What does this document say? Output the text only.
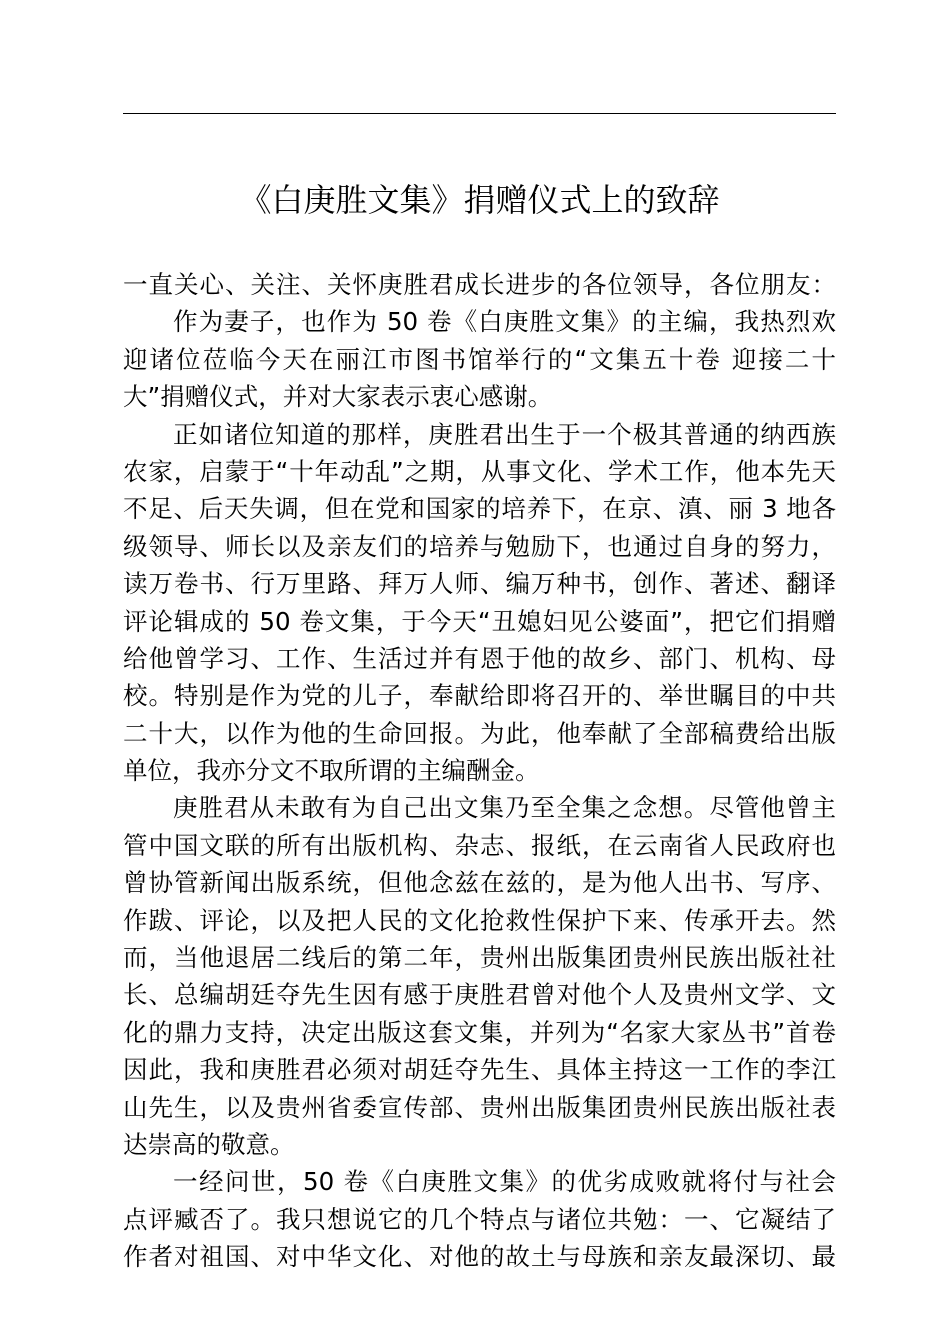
《白庚胜文集》捐赠仪式上的致辞
一直关心、关注、关怀庚胜君成长进步的各位领导，各位朋友：
作为妻子，也作为 50 卷《白庚胜文集》的主编，我热烈欢
迎诸位莅临今天在丽江市图书馆举行的“文集五十卷 迎接二十
大”捐赠仪式，并对大家表示衷心感谢。
正如诸位知道的那样，庚胜君出生于一个极其普通的纳西族
农家，启蒙于“十年动乱”之期，从事文化、学术工作，他本先天
不足、后天失调，但在党和国家的培养下，在京、滇、丽 3 地各
级领导、师长以及亲友们的培养与勉励下，也通过自身的努力，
读万卷书、行万里路、拜万人师、编万种书，创作、著述、翻译
评论辑成的 50 卷文集，于今天“丑媳妇见公婆面”，把它们捐赠
给他曾学习、工作、生活过并有恩于他的故乡、部门、机构、母
校。特别是作为党的儿子，奉献给即将召开的、举世瞩目的中共
二十大，以作为他的生命回报。为此，他奉献了全部稿费给出版
单位，我亦分文不取所谓的主编酬金。
庚胜君从未敢有为自己出文集乃至全集之念想。尽管他曾主
管中国文联的所有出版机构、杂志、报纸，在云南省人民政府也
曾协管新闻出版系统，但他念兹在兹的，是为他人出书、写序、
作跋、评论，以及把人民的文化抢救性保护下来、传承开去。然
而，当他退居二线后的第二年，贵州出版集团贵州民族出版社社
长、总编胡廷夺先生因有感于庚胜君曾对他个人及贵州文学、文
化的鼎力支持，决定出版这套文集，并列为“名家大家丛书”首卷
因此，我和庚胜君必须对胡廷夺先生、具体主持这一工作的李江
山先生，以及贵州省委宣传部、贵州出版集团贵州民族出版社表
达崇高的敬意。
一经问世，50 卷《白庚胜文集》的优劣成败就将付与社会
点评臧否了。我只想说它的几个特点与诸位共勉：一、它凝结了
作者对祖国、对中华文化、对他的故土与母族和亲友最深切、最
